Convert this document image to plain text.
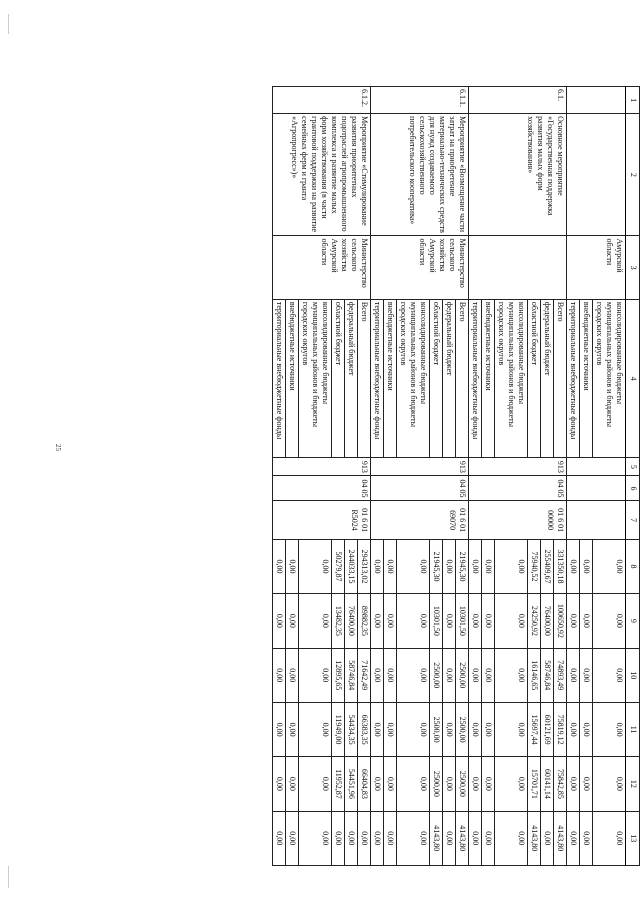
25
1	2	3	4	5	6	7	8	9	10	11	12	13
		Амурской области	консолидированные бюджеты муниципальных районов и бюджеты городских округов				0,00	0,00	0,00	0,00	0,00	0,00
			внебюджетные источники				0,00	0,00	0,00	0,00	0,00	0,00
			территориальные внебюджетные фонды				0,00	0,00	0,00	0,00	0,00	0,00
6.1.	Основное мероприятие «Государственная поддержка развития малых форм хозяйствования»		Всего	913	04 05	01 6 01 00000	331350,18	100650,92	74893,49	75819,12	75842,85	4143,80
			федеральный бюджет				255409,67	76400,00	58746,84	60121,69	60141,14	0,00
			областной бюджет				75940,52	24250,92	16146,65	15697,44	15701,71	4143,80
			консолидированные бюджеты муниципальных районов и бюджеты городских округов				0,00	0,00	0,00	0,00	0,00	0,00
			внебюджетные источники				0,00	0,00	0,00	0,00	0,00	0,00
			территориальные внебюджетные фонды				0,00	0,00	0,00	0,00	0,00	0,00
6.1.1.	Мероприятие «Возмещение части затрат на приобретение материально-технических средств для нужд создаваемого сельскохозяйственного потребительского кооператива»	Министерство сельского хозяйства Амурской области	Всего	913	04 05	01 6 01 69070	21945,30	10301,50	2500,00	2500,00	2500,00	4143,80
			федеральный бюджет				0,00	0,00	0,00	0,00	0,00	0,00
			областной бюджет				21945,30	10301,50	2500,00	2500,00	2500,00	4143,80
			консолидированные бюджеты муниципальных районов и бюджеты городских округов				0,00	0,00	0,00	0,00	0,00	0,00
			внебюджетные источники				0,00	0,00	0,00	0,00	0,00	0,00
			территориальные внебюджетные фонды				0,00	0,00	0,00	0,00	0,00	0,00
6.1.2.	Мероприятие «Стимулирование развития приоритетных подотраслей агропромышленного комплекса и развитие малых форм хозяйствования (в части грантовой поддержки на развитие семейных ферм и гранта «Агропрогресс»)»	Министерство сельского хозяйства Амурской области	Всего	913	04 05	01 6 01 R5024	294313,02	89882,35	71642,49	66383,35	66404,83	0,00
			федеральный бюджет				244033,15	76400,00	58746,84	54434,35	54451,96	0,00
			областной бюджет				50279,87	13482,35	12895,65	11949,00	11952,87	0,00
			консолидированные бюджеты муниципальных районов и бюджеты городских округов				0,00	0,00	0,00	0,00	0,00	0,00
			внебюджетные источники				0,00	0,00	0,00	0,00	0,00	0,00
			территориальные внебюджетные фонды				0,00	0,00	0,00	0,00	0,00	0,00
